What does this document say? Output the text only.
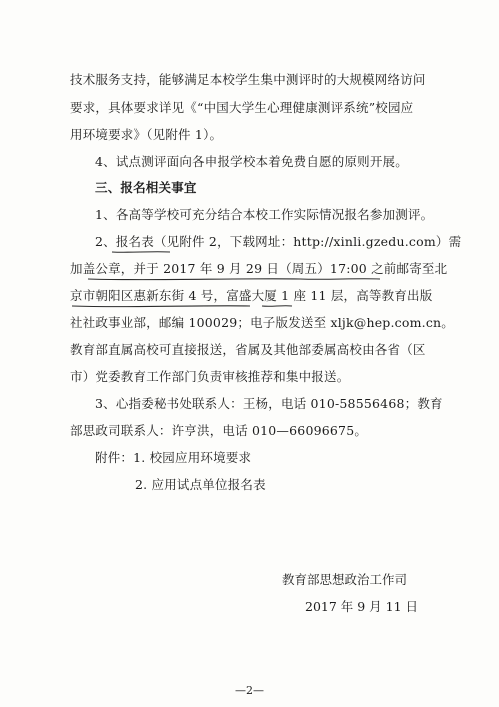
技术服务支持，能够满足本校学生集中测评时的大规模网络访问
要求，具体要求详见《“中国大学生心理健康测评系统”校园应
用环境要求》（见附件 1）。
4、试点测评面向各申报学校本着免费自愿的原则开展。
三、报名相关事宜
1、各高等学校可充分结合本校工作实际情况报名参加测评。
2、报名表（见附件 2，下载网址：http://xinli.gzedu.com）需
加盖公章，并于 2017 年 9 月 29 日（周五）17:00 之前邮寄至北
京市朝阳区惠新东街 4 号，富盛大厦 1 座 11 层，高等教育出版
社社政事业部，邮编 100029；电子版发送至 xljk@hep.com.cn。
教育部直属高校可直接报送，省属及其他部委属高校由各省（区
市）党委教育工作部门负责审核推荐和集中报送。
3、心指委秘书处联系人：王杨，电话 010-58556468；教育
部思政司联系人：许亨洪，电话 010—66096675。
附件：1. 校园应用环境要求
2. 应用试点单位报名表
教育部思想政治工作司
2017 年 9 月 11 日
—2—
